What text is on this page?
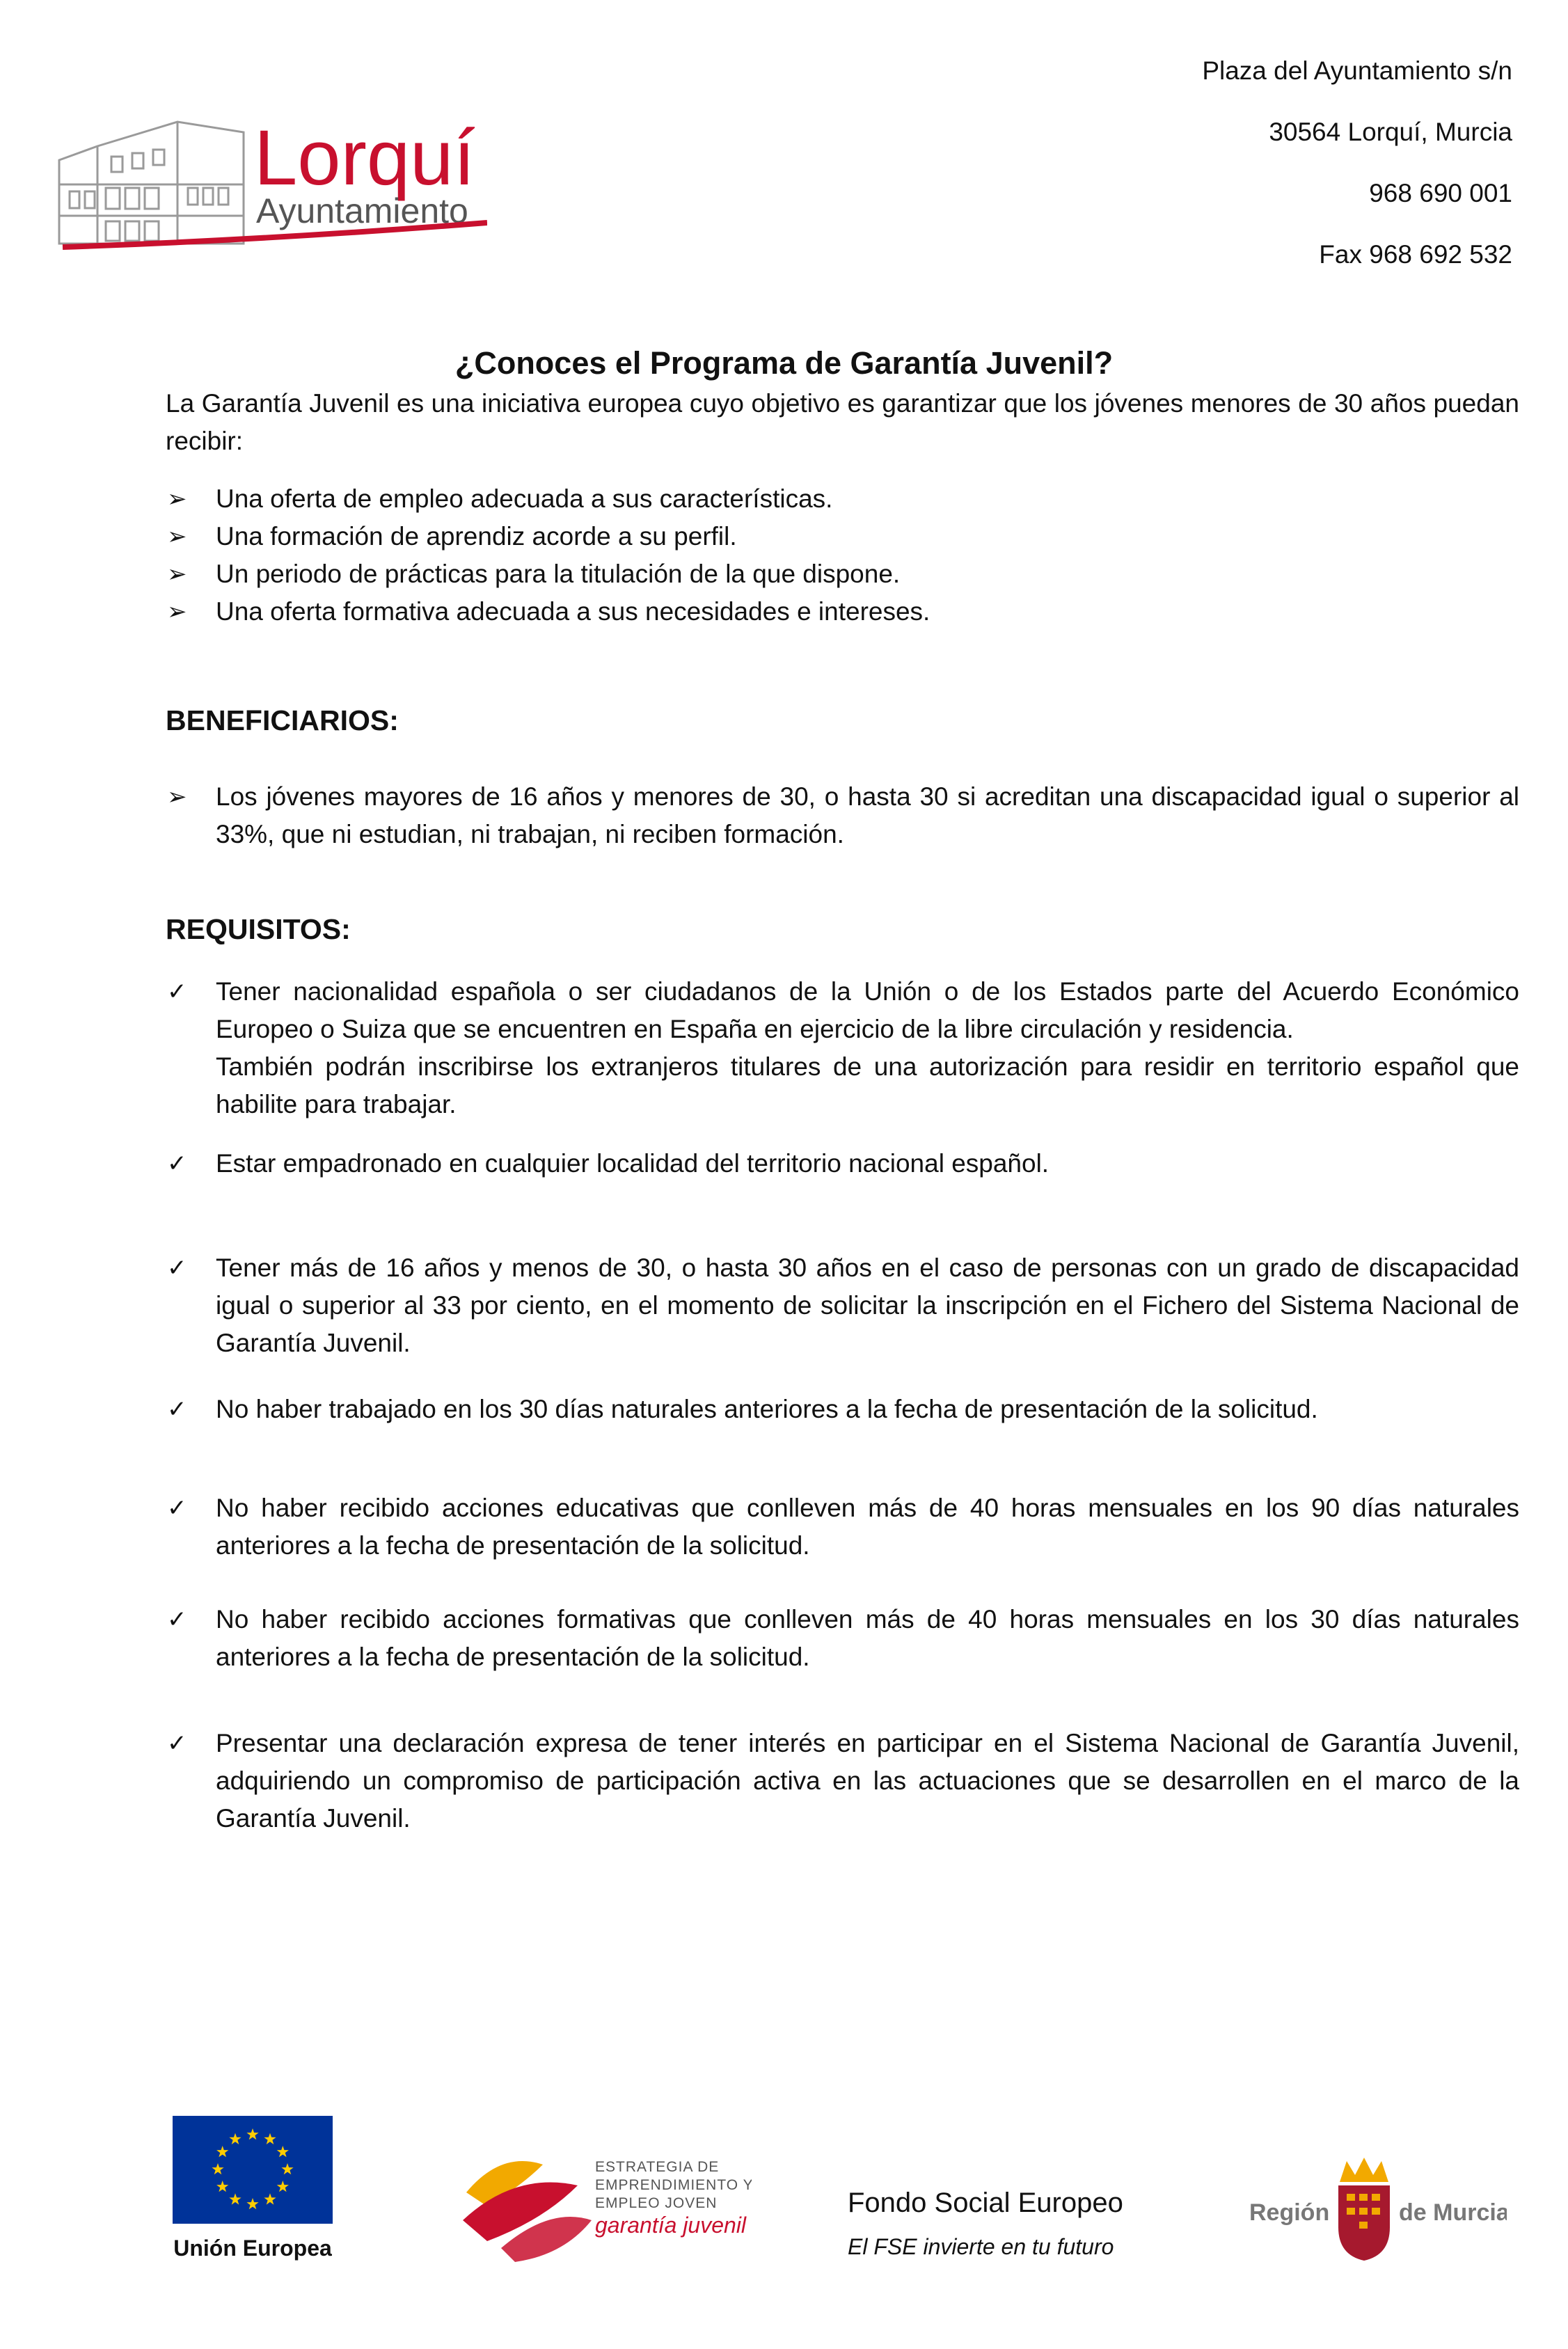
Lorquí
Ayuntamiento
Plaza del Ayuntamiento s/n
30564 Lorquí, Murcia
968 690 001
Fax 968 692 532
¿Conoces el Programa de Garantía Juvenil?

La Garantía Juvenil es una iniciativa europea cuyo objetivo es garantizar que los jóvenes menores de 30 años puedan recibir:

➢ Una oferta de empleo adecuada a sus características.
➢ Una formación de aprendiz acorde a su perfil.
➢ Un periodo de prácticas para la titulación de la que dispone.
➢ Una oferta formativa adecuada a sus necesidades e intereses.
BENEFICIARIOS:
➢ Los jóvenes mayores de 16 años y menores de 30, o hasta 30 si acreditan una discapacidad igual o superior al 33%, que ni estudian, ni trabajan, ni reciben formación.
REQUISITOS:
✓ Tener nacionalidad española o ser ciudadanos de la Unión o de los Estados parte del Acuerdo Económico Europeo o Suiza que se encuentren en España en ejercicio de la libre circulación y residencia.
También podrán inscribirse los extranjeros titulares de una autorización para residir en territorio español que habilite para trabajar.
✓ Estar empadronado en cualquier localidad del territorio nacional español.
✓ Tener más de 16 años y menos de 30, o hasta 30 años en el caso de personas con un grado de discapacidad igual o superior al 33 por ciento, en el momento de solicitar la inscripción en el Fichero del Sistema Nacional de Garantía Juvenil.
✓ No haber trabajado en los 30 días naturales anteriores a la fecha de presentación de la solicitud.
✓ No haber recibido acciones educativas que conlleven más de 40 horas mensuales en los 90 días naturales anteriores a la fecha de presentación de la solicitud.
✓ No haber recibido acciones formativas que conlleven más de 40 horas mensuales en los 30 días naturales anteriores a la fecha de presentación de la solicitud.
✓ Presentar una declaración expresa de tener interés en participar en el Sistema Nacional de Garantía Juvenil, adquiriendo un compromiso de participación activa en las actuaciones que se desarrollen en el marco de la Garantía Juvenil.
Unión Europea
ESTRATEGIA DE
EMPRENDIMIENTO Y
EMPLEO JOVEN
garantía juvenil
Fondo Social Europeo
El FSE invierte en tu futuro
Región	de Murcia
